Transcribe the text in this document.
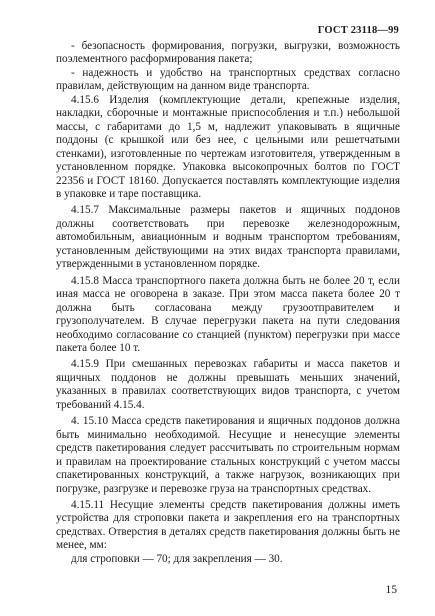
ГОСТ 23118—99

- безопасность формирования, погрузки, выгрузки, возможность поэлементного расформирования пакета;

- надежность и удобство на транспортных средствах согласно правилам, действующим на данном виде транспорта.

4.15.6 Изделия (комплектующие детали, крепежные изделия, накладки, сборочные и монтажные приспособления и т.п.) небольшой массы, с габаритами до 1,5 м, надлежит упаковывать в ящичные поддоны (с крышкой или без нее, с цельными или решетчатыми стенками), изготовленные по чертежам изготовителя, утвержденным в установленном порядке. Упаковка высокопрочных болтов по ГОСТ 22356 и ГОСТ 18160. Допускается поставлять комплектующие изделия в упаковке и таре поставщика.

4.15.7 Максимальные размеры пакетов и ящичных поддонов должны соответствовать при перевозке железнодорожным, автомобильным, авиационным и водным транспортом требованиям, установленным действующими на этих видах транспорта правилами, утвержденными в установленном порядке.

4.15.8 Масса транспортного пакета должна быть не более 20 т, если иная масса не оговорена в заказе. При этом масса пакета более 20 т должна быть согласована между грузоотправителем и грузополучателем. В случае перегрузки пакета на пути следования необходимо согласование со станцией (пунктом) перегрузки при массе пакета более 10 т.

4.15.9 При смешанных перевозках габариты и масса пакетов и ящичных поддонов не должны превышать меньших значений, указанных в правилах соответствующих видов транспорта, с учетом требований 4.15.4.

4. 15.10 Масса средств пакетирования и ящичных поддонов должна быть минимально необходимой. Несущие и ненесущие элементы средств пакетирования следует рассчитывать по строительным нормам и правилам на проектирование стальных конструкций с учетом массы спакетированных конструкций, а также нагрузок, возникающих при погрузке, разгрузке и перевозке груза на транспортных средствах.

4.15.11 Несущие элементы средств пакетирования должны иметь устройства для строповки пакета и закрепления его на транспортных средствах. Отверстия в деталях средств пакетирования должны быть не менее, мм:

для строповки — 70; для закрепления — 30.

15
